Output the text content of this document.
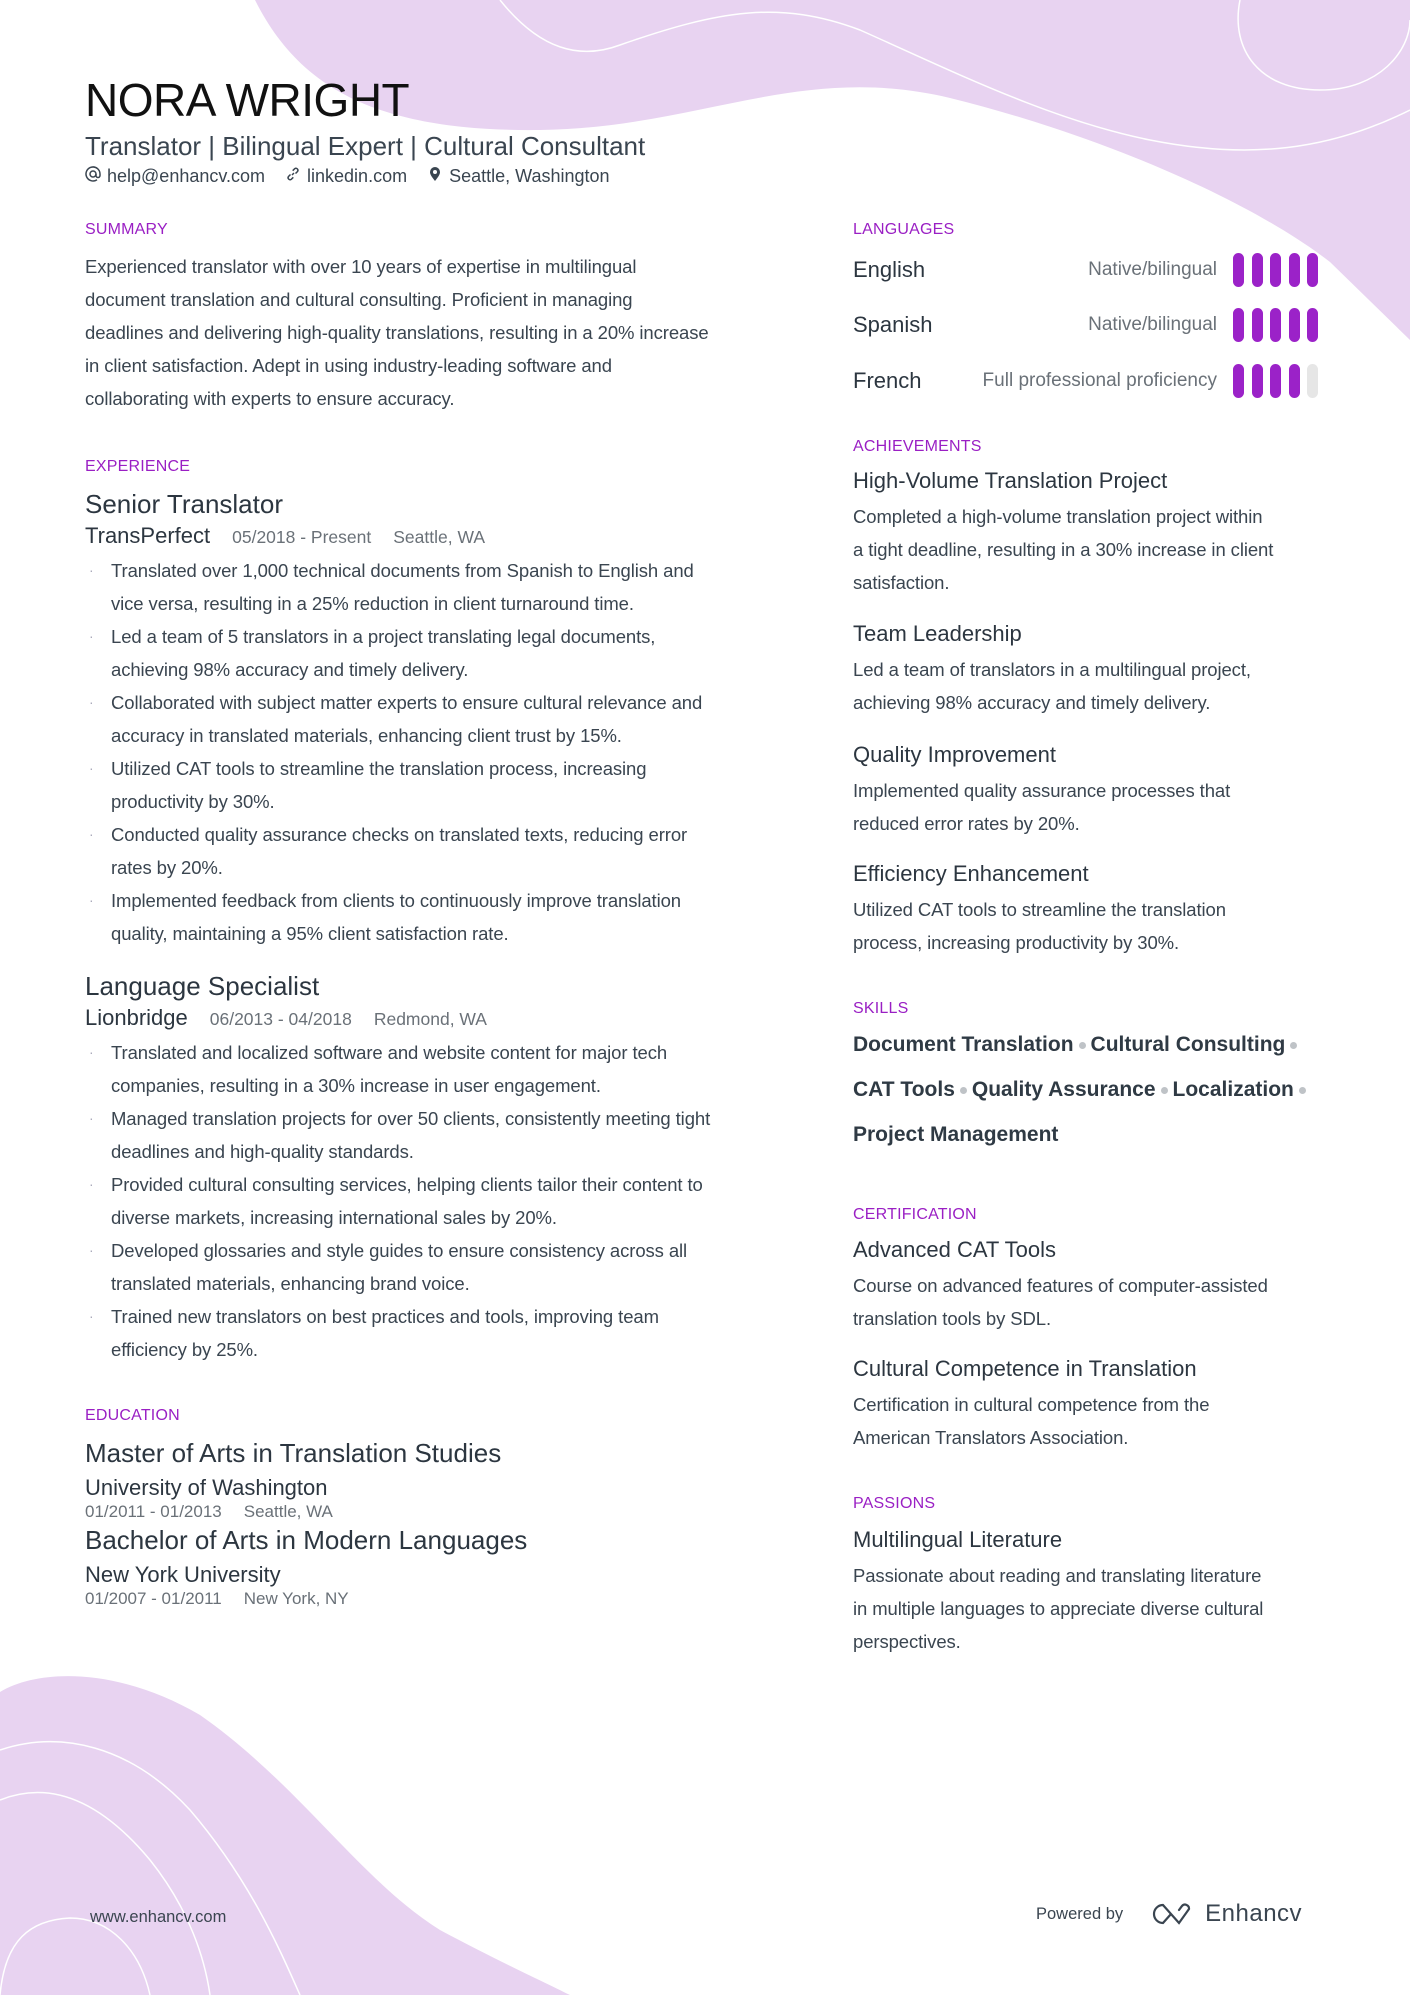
NORA WRIGHT
Translator | Bilingual Expert | Cultural Consultant
help@enhancv.com linkedin.com Seattle, Washington
SUMMARY
Experienced translator with over 10 years of expertise in multilingual
document translation and cultural consulting. Proficient in managing
deadlines and delivering high-quality translations, resulting in a 20% increase
in client satisfaction. Adept in using industry-leading software and
collaborating with experts to ensure accuracy.
EXPERIENCE
Senior Translator
TransPerfect 05/2018 - Present Seattle, WA
· Translated over 1,000 technical documents from Spanish to English and
vice versa, resulting in a 25% reduction in client turnaround time.
· Led a team of 5 translators in a project translating legal documents,
achieving 98% accuracy and timely delivery.
· Collaborated with subject matter experts to ensure cultural relevance and
accuracy in translated materials, enhancing client trust by 15%.
· Utilized CAT tools to streamline the translation process, increasing
productivity by 30%.
· Conducted quality assurance checks on translated texts, reducing error
rates by 20%.
· Implemented feedback from clients to continuously improve translation
quality, maintaining a 95% client satisfaction rate.
Language Specialist
Lionbridge 06/2013 - 04/2018 Redmond, WA
· Translated and localized software and website content for major tech
companies, resulting in a 30% increase in user engagement.
· Managed translation projects for over 50 clients, consistently meeting tight
deadlines and high-quality standards.
· Provided cultural consulting services, helping clients tailor their content to
diverse markets, increasing international sales by 20%.
· Developed glossaries and style guides to ensure consistency across all
translated materials, enhancing brand voice.
· Trained new translators on best practices and tools, improving team
efficiency by 25%.
EDUCATION
Master of Arts in Translation Studies
University of Washington
01/2011 - 01/2013 Seattle, WA
Bachelor of Arts in Modern Languages
New York University
01/2007 - 01/2011 New York, NY
LANGUAGES
English	Native/bilingual
Spanish	Native/bilingual
French	Full professional proficiency
ACHIEVEMENTS
High-Volume Translation Project
Completed a high-volume translation project within
a tight deadline, resulting in a 30% increase in client
satisfaction.
Team Leadership
Led a team of translators in a multilingual project,
achieving 98% accuracy and timely delivery.
Quality Improvement
Implemented quality assurance processes that
reduced error rates by 20%.
Efficiency Enhancement
Utilized CAT tools to streamline the translation
process, increasing productivity by 30%.
SKILLS
Document Translation Cultural Consulting
CAT Tools Quality Assurance Localization
Project Management
CERTIFICATION
Advanced CAT Tools
Course on advanced features of computer-assisted
translation tools by SDL.
Cultural Competence in Translation
Certification in cultural competence from the
American Translators Association.
PASSIONS
Multilingual Literature
Passionate about reading and translating literature
in multiple languages to appreciate diverse cultural
perspectives.
www.enhancv.com	Powered by	Enhancv
